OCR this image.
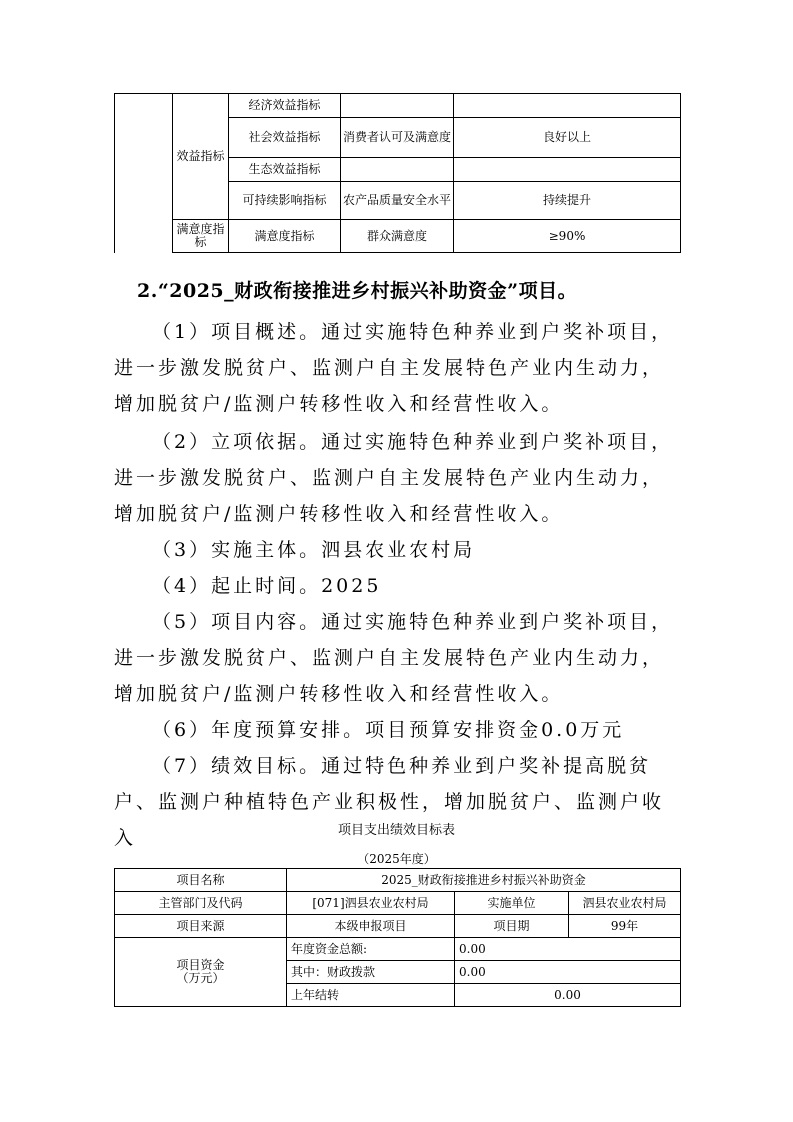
	效益指标	经济效益指标		
		社会效益指标	消费者认可及满意度	良好以上
		生态效益指标		
		可持续影响指标	农产品质量安全水平	持续提升
	满意度指标	满意度指标	群众满意度	≥90%
2.“2025_财政衔接推进乡村振兴补助资金”项目。

（1）项目概述。通过实施特色种养业到户奖补项目，进一步激发脱贫户、监测户自主发展特色产业内生动力，增加脱贫户/监测户转移性收入和经营性收入。

（2）立项依据。通过实施特色种养业到户奖补项目，进一步激发脱贫户、监测户自主发展特色产业内生动力，增加脱贫户/监测户转移性收入和经营性收入。

（3）实施主体。泗县农业农村局

（4）起止时间。2025

（5）项目内容。通过实施特色种养业到户奖补项目，进一步激发脱贫户、监测户自主发展特色产业内生动力，增加脱贫户/监测户转移性收入和经营性收入。

（6）年度预算安排。项目预算安排资金0.0万元

（7）绩效目标。通过特色种养业到户奖补提高脱贫户、监测户种植特色产业积极性，增加脱贫户、监测户收入	项目支出绩效目标表
（2025年度）
项目名称	2025_财政衔接推进乡村振兴补助资金		
主管部门及代码	[071]泗县农业农村局	实施单位	泗县农业农村局
项目来源	本级申报项目	项目期	99年
项目资金（万元）	年度资金总额:	0.00	
	其中：财政拨款	0.00	
	上年结转	0.00	
